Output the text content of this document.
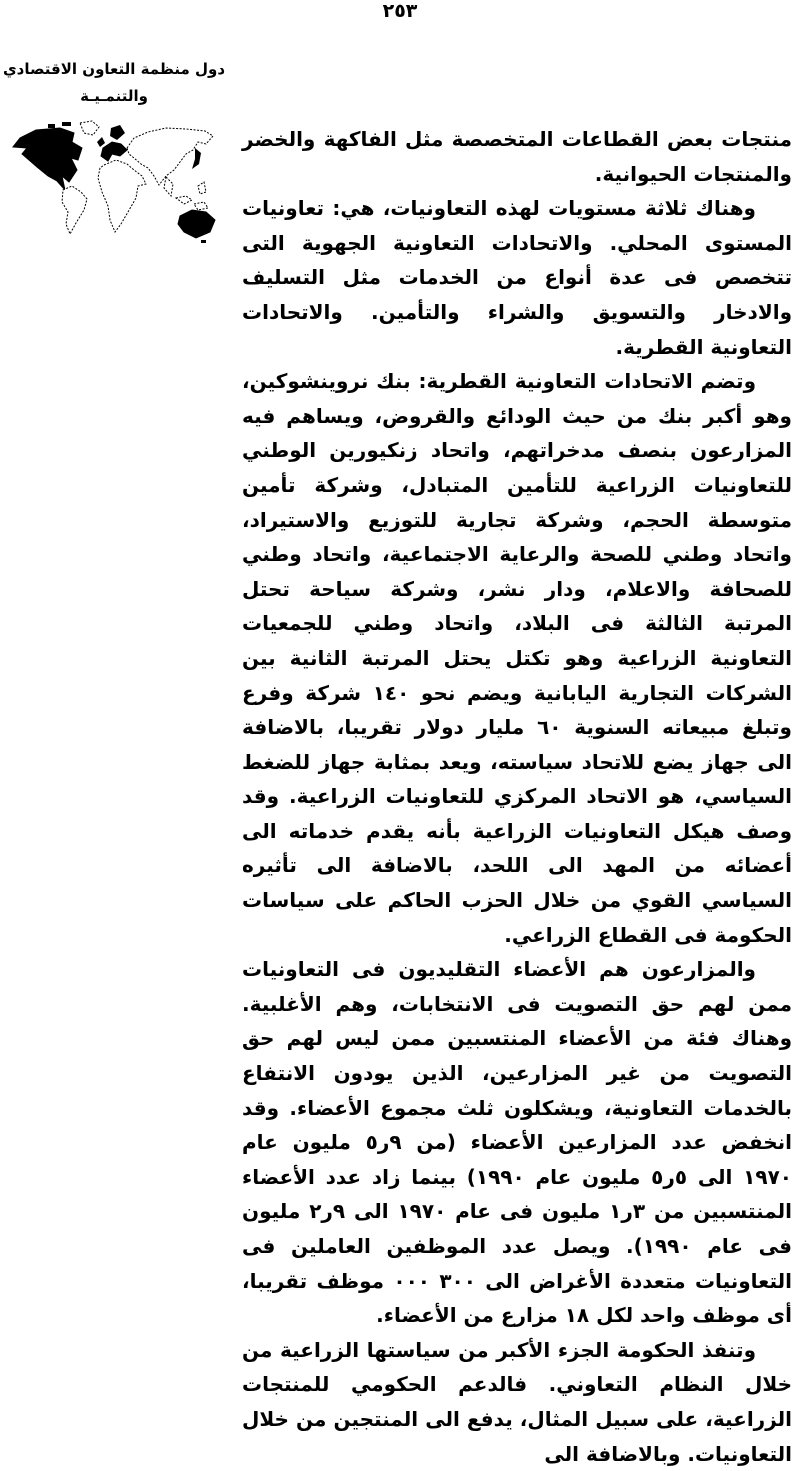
٢٥٣
دول منظمة التعاون الاقتصادي
والتنمـيـة

منتجات بعض القطاعات المتخصصة مثل الفاكهة والخضر والمنتجات الحيوانية.

وهناك ثلاثة مستويات لهذه التعاونيات، هي: تعاونيات المستوى المحلي. والاتحادات التعاونية الجهوية التى تتخصص فى عدة أنواع من الخدمات مثل التسليف والادخار والتسويق والشراء والتأمين. والاتحادات التعاونية القطرية.

وتضم الاتحادات التعاونية القطرية: بنك نروينشوكين، وهو أكبر بنك من حيث الودائع والقروض، ويساهم فيه المزارعون بنصف مدخراتهم، واتحاد زنكيورين الوطني للتعاونيات الزراعية للتأمين المتبادل، وشركة تأمين متوسطة الحجم، وشركة تجارية للتوزيع والاستيراد، واتحاد وطني للصحة والرعاية الاجتماعية، واتحاد وطني للصحافة والاعلام، ودار نشر، وشركة سياحة تحتل المرتبة الثالثة فى البلاد، واتحاد وطني للجمعيات التعاونية الزراعية وهو تكتل يحتل المرتبة الثانية بين الشركات التجارية اليابانية ويضم نحو ١٤٠ شركة وفرع وتبلغ مبيعاته السنوية ٦٠ مليار دولار تقريبا، بالاضافة الى جهاز يضع للاتحاد سياسته، ويعد بمثابة جهاز للضغط السياسي، هو الاتحاد المركزي للتعاونيات الزراعية. وقد وصف هيكل التعاونيات الزراعية بأنه يقدم خدماته الى أعضائه من المهد الى اللحد، بالاضافة الى تأثيره السياسي القوي من خلال الحزب الحاكم على سياسات الحكومة فى القطاع الزراعي.

والمزارعون هم الأعضاء التقليديون فى التعاونيات ممن لهم حق التصويت فى الانتخابات، وهم الأغلبية. وهناك فئة من الأعضاء المنتسبين ممن ليس لهم حق التصويت من غير المزارعين، الذين يودون الانتفاع بالخدمات التعاونية، ويشكلون ثلث مجموع الأعضاء. وقد انخفض عدد المزارعين الأعضاء (من ٩ر٥ مليون عام ١٩٧٠ الى ٥ر٥ مليون عام ١٩٩٠) بينما زاد عدد الأعضاء المنتسبين من ٣ر١ مليون فى عام ١٩٧٠ الى ٩ر٢ مليون فى عام ١٩٩٠). ويصل عدد الموظفين العاملين فى التعاونيات متعددة الأغراض الى ٣٠٠ ٠٠٠ موظف تقريبا، أى موظف واحد لكل ١٨ مزارع من الأعضاء.

وتنفذ الحكومة الجزء الأكبر من سياستها الزراعية من خلال النظام التعاوني. فالدعم الحكومي للمنتجات الزراعية، على سبيل المثال، يدفع الى المنتجين من خلال التعاونيات. وبالاضافة الى
